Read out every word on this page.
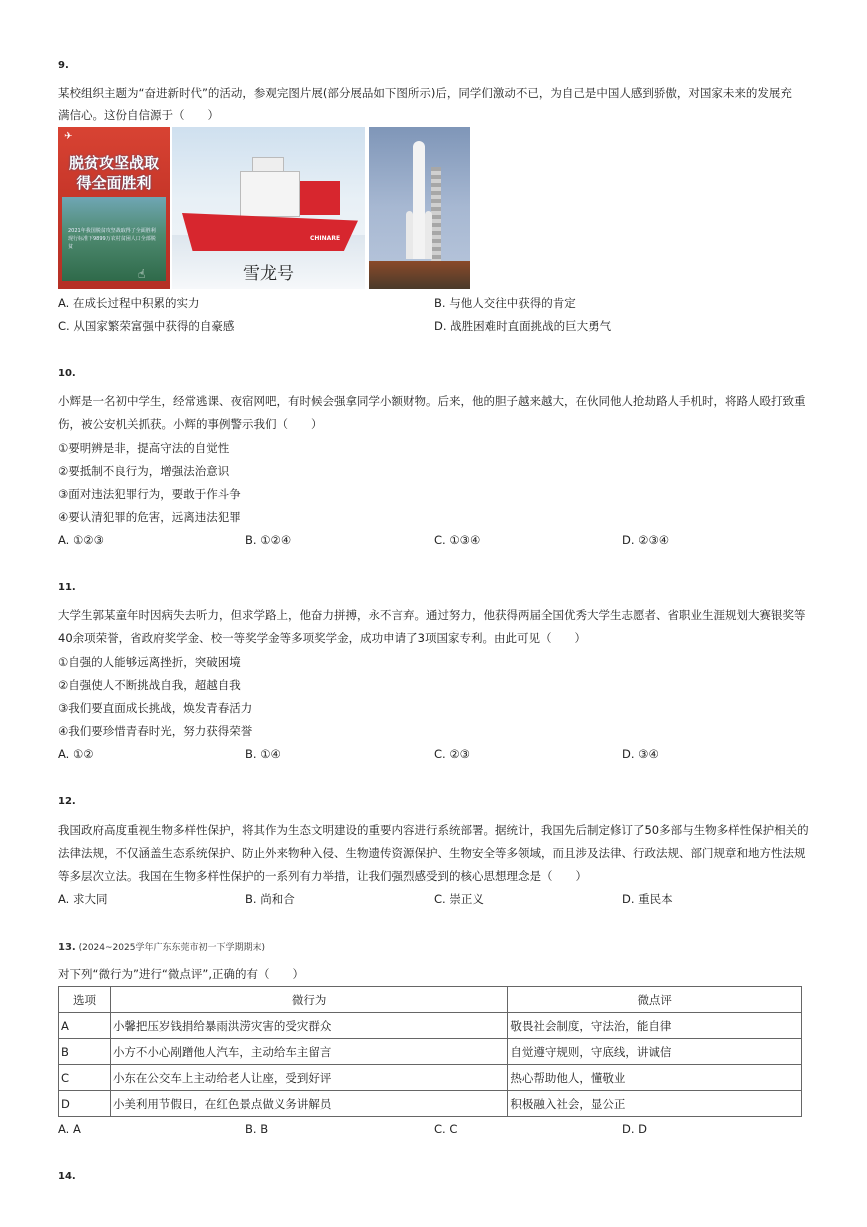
9.
某校组织主题为“奋进新时代”的活动，参观完图片展(部分展品如下图所示)后，同学们激动不已，为自己是中国人感到骄傲，对国家未来的发展充
满信心。这份自信源于（　　）
✈
脱贫攻坚战取得全面胜利
2021年我国脱贫攻坚战取得了全面胜利现行标准下9899万农村贫困人口全部脱贫
☝
CHINARE
雪龙号
A. 在成长过程中积累的实力	B. 与他人交往中获得的肯定
C. 从国家繁荣富强中获得的自豪感	D. 战胜困难时直面挑战的巨大勇气
10.
小辉是一名初中学生，经常逃课、夜宿网吧，有时候会强拿同学小额财物。后来，他的胆子越来越大，在伙同他人抢劫路人手机时，将路人殴打致重
伤，被公安机关抓获。小辉的事例警示我们（　　）
①要明辨是非，提高守法的自觉性
②要抵制不良行为，增强法治意识
③面对违法犯罪行为，要敢于作斗争
④要认清犯罪的危害，远离违法犯罪
A. ①②③	B. ①②④	C. ①③④	D. ②③④
11.
大学生郭某童年时因病失去听力，但求学路上，他奋力拼搏，永不言弃。通过努力，他获得两届全国优秀大学生志愿者、省职业生涯规划大赛银奖等
40余项荣誉，省政府奖学金、校一等奖学金等多项奖学金，成功申请了3项国家专利。由此可见（　　）
①自强的人能够远离挫折，突破困境
②自强使人不断挑战自我，超越自我
③我们要直面成长挑战，焕发青春活力
④我们要珍惜青春时光，努力获得荣誉
A. ①②	B. ①④	C. ②③	D. ③④
12.
我国政府高度重视生物多样性保护，将其作为生态文明建设的重要内容进行系统部署。据统计，我国先后制定修订了50多部与生物多样性保护相关的
法律法规，不仅涵盖生态系统保护、防止外来物种入侵、生物遗传资源保护、生物安全等多领域，而且涉及法律、行政法规、部门规章和地方性法规
等多层次立法。我国在生物多样性保护的一系列有力举措，让我们强烈感受到的核心思想理念是（　　）
A. 求大同	B. 尚和合	C. 崇正义	D. 重民本
13. (2024~2025学年广东东莞市初一下学期期末)
对下列“微行为”进行“微点评”,正确的有（　　）
选项	微行为	微点评
A	小馨把压岁钱捐给暴雨洪涝灾害的受灾群众	敬畏社会制度，守法治，能自律
B	小方不小心剐蹭他人汽车，主动给车主留言	自觉遵守规则，守底线，讲诚信
C	小东在公交车上主动给老人让座，受到好评	热心帮助他人，懂敬业
D	小美利用节假日，在红色景点做义务讲解员	积极融入社会，显公正
A. A	B. B	C. C	D. D
14.
